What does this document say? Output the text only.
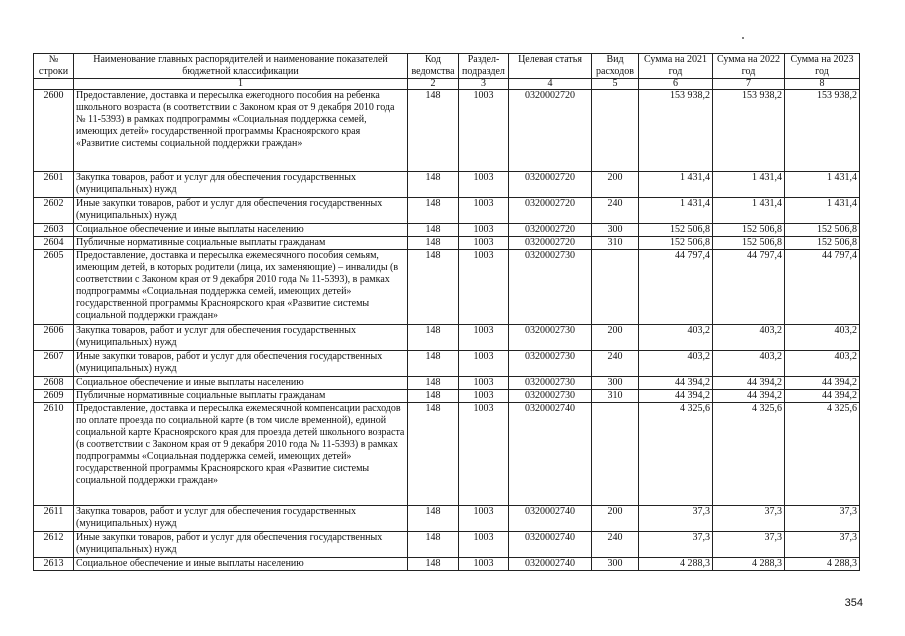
№ строки	Наименование главных распорядителей и наименование показателей бюджетной классификации	Код ведомства	Раздел-подраздел	Целевая статья	Вид расходов	Сумма на 2021 год	Сумма на 2022 год	Сумма на 2023 год
	1	2	3	4	5	6	7	8
2600	Предоставление, доставка и пересылка ежегодного пособия на ребенка школьного возраста (в соответствии с Законом края от 9 декабря 2010 года № 11-5393) в рамках подпрограммы «Социальная поддержка семей, имеющих детей» государственной программы Красноярского края «Развитие системы социальной поддержки граждан»	148	1003	0320002720		153 938,2	153 938,2	153 938,2
2601	Закупка товаров, работ и услуг для обеспечения государственных (муниципальных) нужд	148	1003	0320002720	200	1 431,4	1 431,4	1 431,4
2602	Иные закупки товаров, работ и услуг для обеспечения государственных (муниципальных) нужд	148	1003	0320002720	240	1 431,4	1 431,4	1 431,4
2603	Социальное обеспечение и иные выплаты населению	148	1003	0320002720	300	152 506,8	152 506,8	152 506,8
2604	Публичные нормативные социальные выплаты гражданам	148	1003	0320002720	310	152 506,8	152 506,8	152 506,8
2605	Предоставление, доставка и пересылка ежемесячного пособия семьям, имеющим детей, в которых родители (лица, их заменяющие) – инвалиды (в соответствии с Законом края от 9 декабря 2010 года № 11-5393), в рамках подпрограммы «Социальная поддержка семей, имеющих детей» государственной программы Красноярского края «Развитие системы социальной поддержки граждан»	148	1003	0320002730		44 797,4	44 797,4	44 797,4
2606	Закупка товаров, работ и услуг для обеспечения государственных (муниципальных) нужд	148	1003	0320002730	200	403,2	403,2	403,2
2607	Иные закупки товаров, работ и услуг для обеспечения государственных (муниципальных) нужд	148	1003	0320002730	240	403,2	403,2	403,2
2608	Социальное обеспечение и иные выплаты населению	148	1003	0320002730	300	44 394,2	44 394,2	44 394,2
2609	Публичные нормативные социальные выплаты гражданам	148	1003	0320002730	310	44 394,2	44 394,2	44 394,2
2610	Предоставление, доставка и пересылка ежемесячной компенсации расходов по оплате проезда по социальной карте (в том числе временной), единой социальной карте Красноярского края для проезда детей школьного возраста (в соответствии с Законом края от 9 декабря 2010 года № 11-5393) в рамках подпрограммы «Социальная поддержка семей, имеющих детей» государственной программы Красноярского края «Развитие системы социальной поддержки граждан»	148	1003	0320002740		4 325,6	4 325,6	4 325,6
2611	Закупка товаров, работ и услуг для обеспечения государственных (муниципальных) нужд	148	1003	0320002740	200	37,3	37,3	37,3
2612	Иные закупки товаров, работ и услуг для обеспечения государственных (муниципальных) нужд	148	1003	0320002740	240	37,3	37,3	37,3
2613	Социальное обеспечение и иные выплаты населению	148	1003	0320002740	300	4 288,3	4 288,3	4 288,3
354
